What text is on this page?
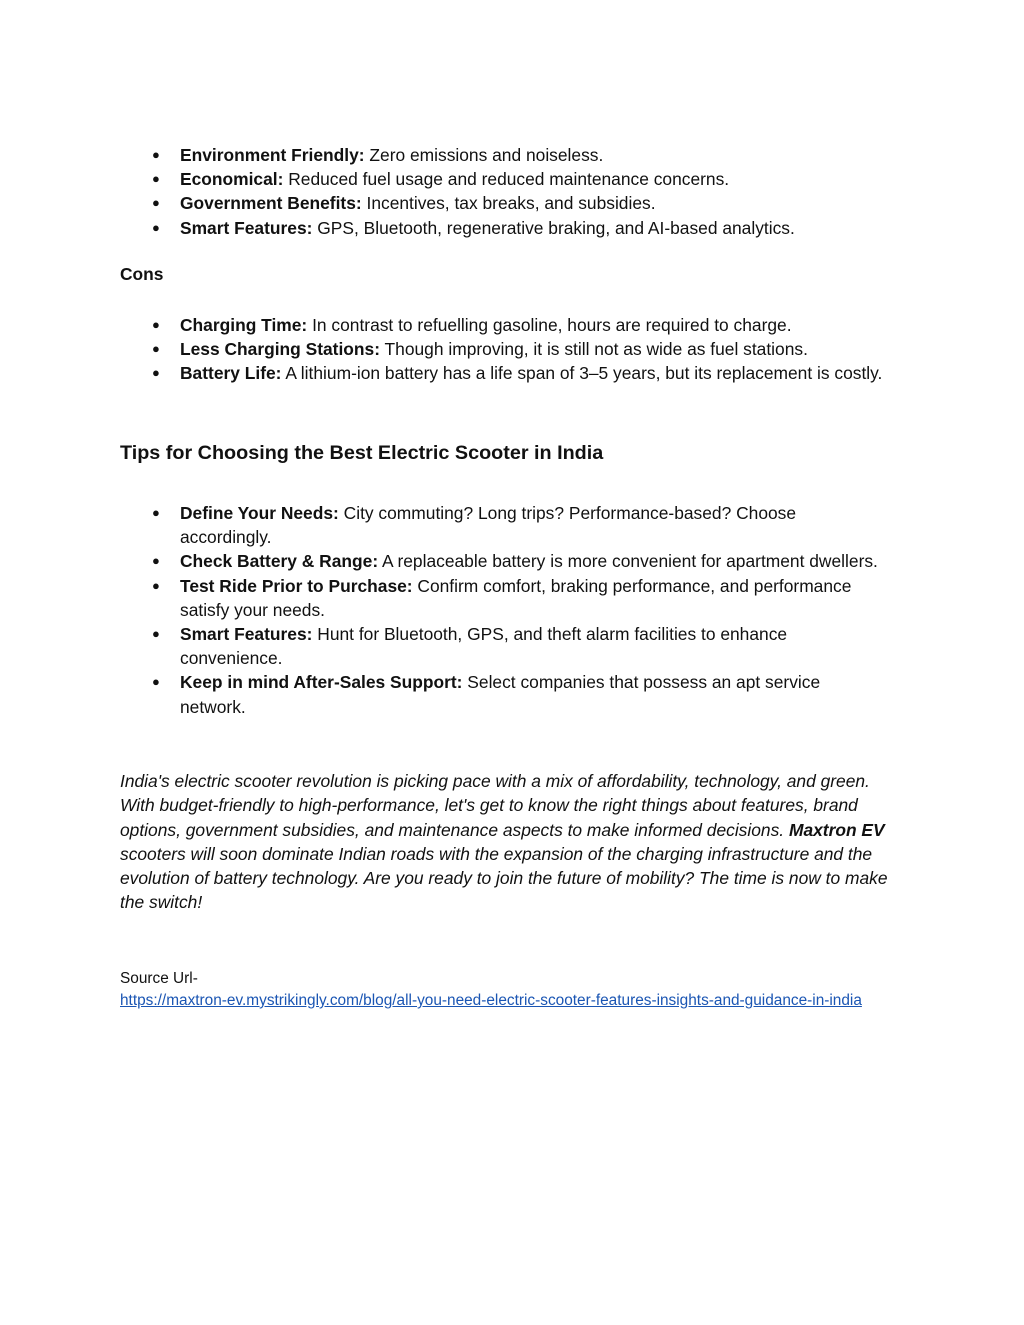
● Environment Friendly: Zero emissions and noiseless.
● Economical: Reduced fuel usage and reduced maintenance concerns.
● Government Benefits: Incentives, tax breaks, and subsidies.
● Smart Features: GPS, Bluetooth, regenerative braking, and AI-based analytics.
Cons
● Charging Time: In contrast to refuelling gasoline, hours are required to charge.
● Less Charging Stations: Though improving, it is still not as wide as fuel stations.
● Battery Life: A lithium-ion battery has a life span of 3–5 years, but its replacement is costly.
Tips for Choosing the Best Electric Scooter in India
● Define Your Needs: City commuting? Long trips? Performance-based? Choose accordingly.
● Check Battery & Range: A replaceable battery is more convenient for apartment dwellers.
● Test Ride Prior to Purchase: Confirm comfort, braking performance, and performance satisfy your needs.
● Smart Features: Hunt for Bluetooth, GPS, and theft alarm facilities to enhance convenience.
● Keep in mind After-Sales Support: Select companies that possess an apt service network.

India's electric scooter revolution is picking pace with a mix of affordability, technology, and green. With budget-friendly to high-performance, let's get to know the right things about features, brand options, government subsidies, and maintenance aspects to make informed decisions. Maxtron EV scooters will soon dominate Indian roads with the expansion of the charging infrastructure and the evolution of battery technology. Are you ready to join the future of mobility? The time is now to make the switch!

Source Url-
https://maxtron-ev.mystrikingly.com/blog/all-you-need-electric-scooter-features-insights-and-guidance-in-india
